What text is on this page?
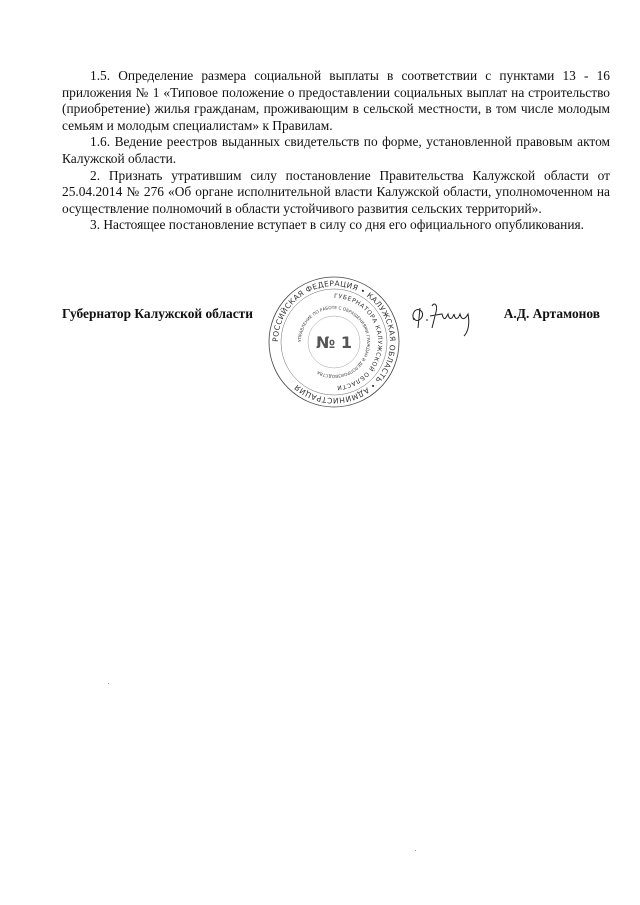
1.5. Определение размера социальной выплаты в соответствии с пунктами 13 - 16 приложения № 1 «Типовое положение о предоставлении социальных выплат на строительство (приобретение) жилья гражданам, проживающим в сельской местности, в том числе молодым семьям и молодым специалистам» к Правилам.

1.6. Ведение реестров выданных свидетельств по форме, установленной правовым актом Калужской области.

2. Признать утратившим силу постановление Правительства Калужской области от 25.04.2014 № 276 «Об органе исполнительной власти Калужской области, уполномоченном на осуществление полномочий в области устойчивого развития сельских территорий».

3. Настоящее постановление вступает в силу со дня его официального опубликования.

Губернатор Калужской области	А.Д. Артамонов
РОССИЙСКАЯ ФЕДЕРАЦИЯ • КАЛУЖСКАЯ ОБЛАСТЬ • АДМИНИСТРАЦИЯ
ГУБЕРНАТОРА КАЛУЖСКОЙ ОБЛАСТИ
УПРАВЛЕНИЕ ПО РАБОТЕ С ОБРАЩЕНИЯМИ ГРАЖДАН И ДЕЛОПРОИЗВОДСТВА
№ 1
